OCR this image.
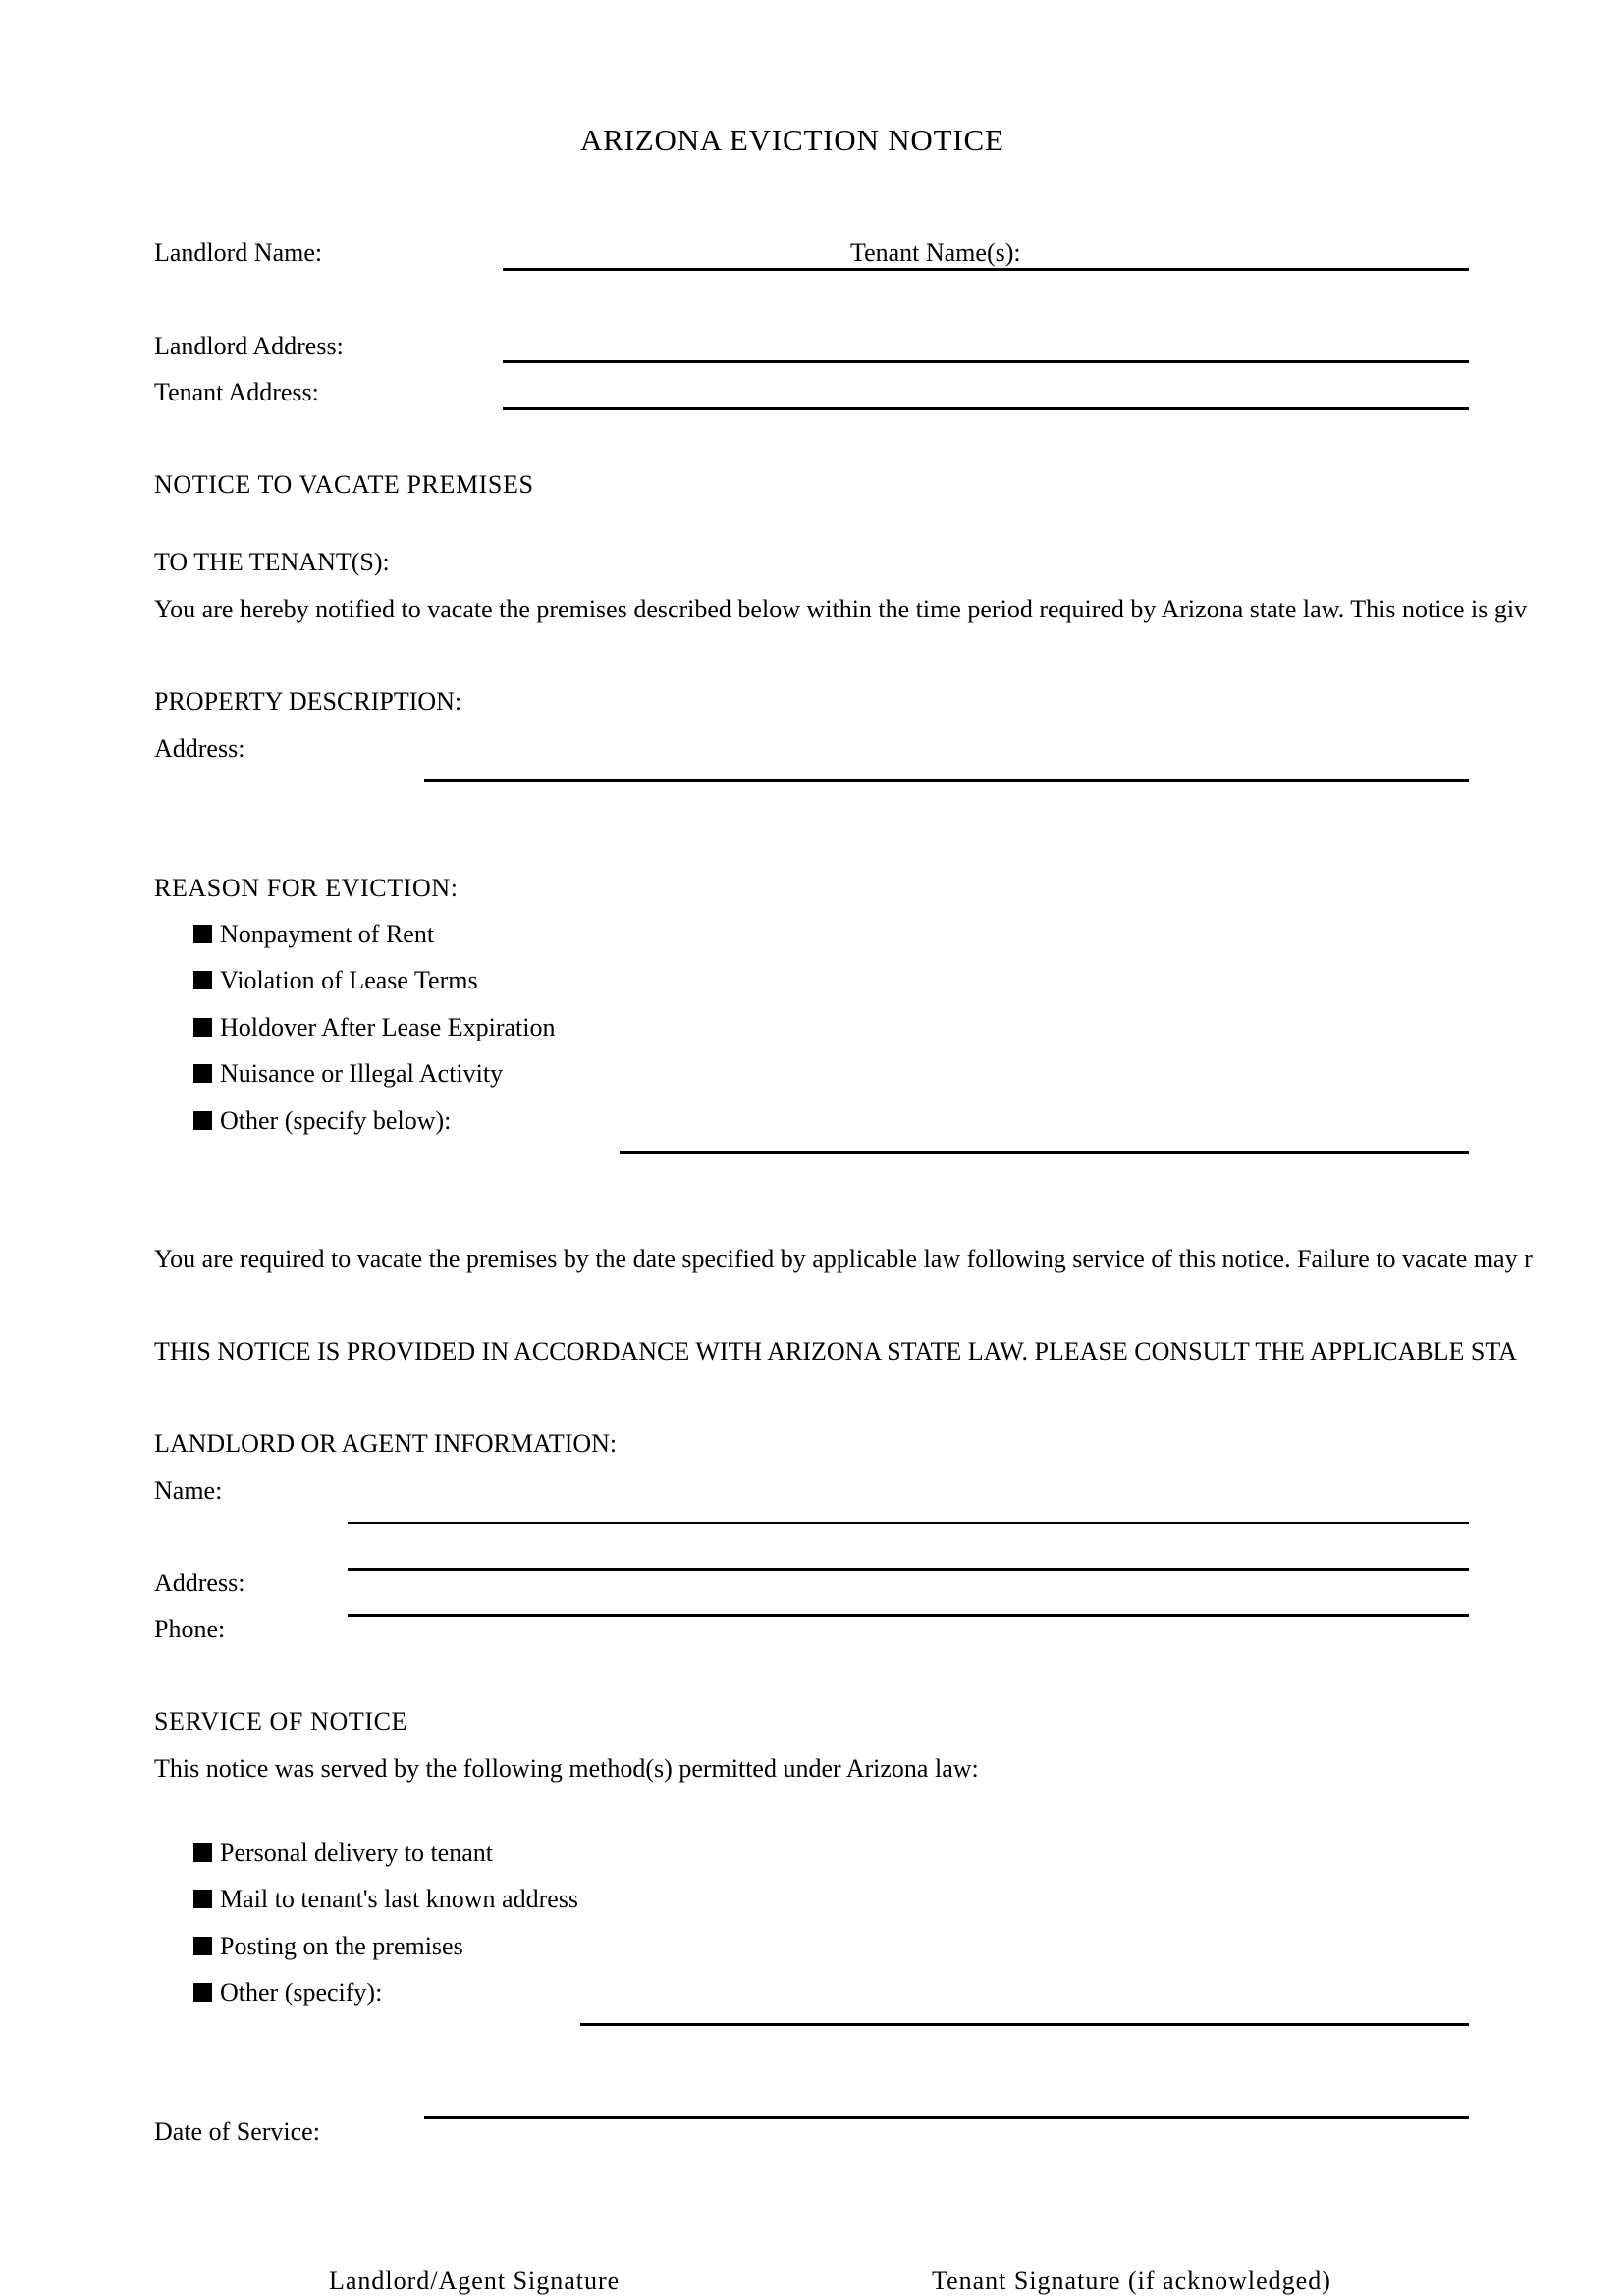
ARIZONA EVICTION NOTICE
Landlord Name:	Tenant Name(s):
Landlord Address:
Tenant Address:
NOTICE TO VACATE PREMISES
TO THE TENANT(S):
You are hereby notified to vacate the premises described below within the time period required by Arizona state law. This notice is giv
PROPERTY DESCRIPTION:
Address:
REASON FOR EVICTION:
Nonpayment of Rent
Violation of Lease Terms
Holdover After Lease Expiration
Nuisance or Illegal Activity
Other (specify below):
You are required to vacate the premises by the date specified by applicable law following service of this notice. Failure to vacate may r
THIS NOTICE IS PROVIDED IN ACCORDANCE WITH ARIZONA STATE LAW. PLEASE CONSULT THE APPLICABLE STA
LANDLORD OR AGENT INFORMATION:
Name:
Address:
Phone:
SERVICE OF NOTICE
This notice was served by the following method(s) permitted under Arizona law:
Personal delivery to tenant
Mail to tenant's last known address
Posting on the premises
Other (specify):
Date of Service:
Landlord/Agent Signature	Tenant Signature (if acknowledged)
